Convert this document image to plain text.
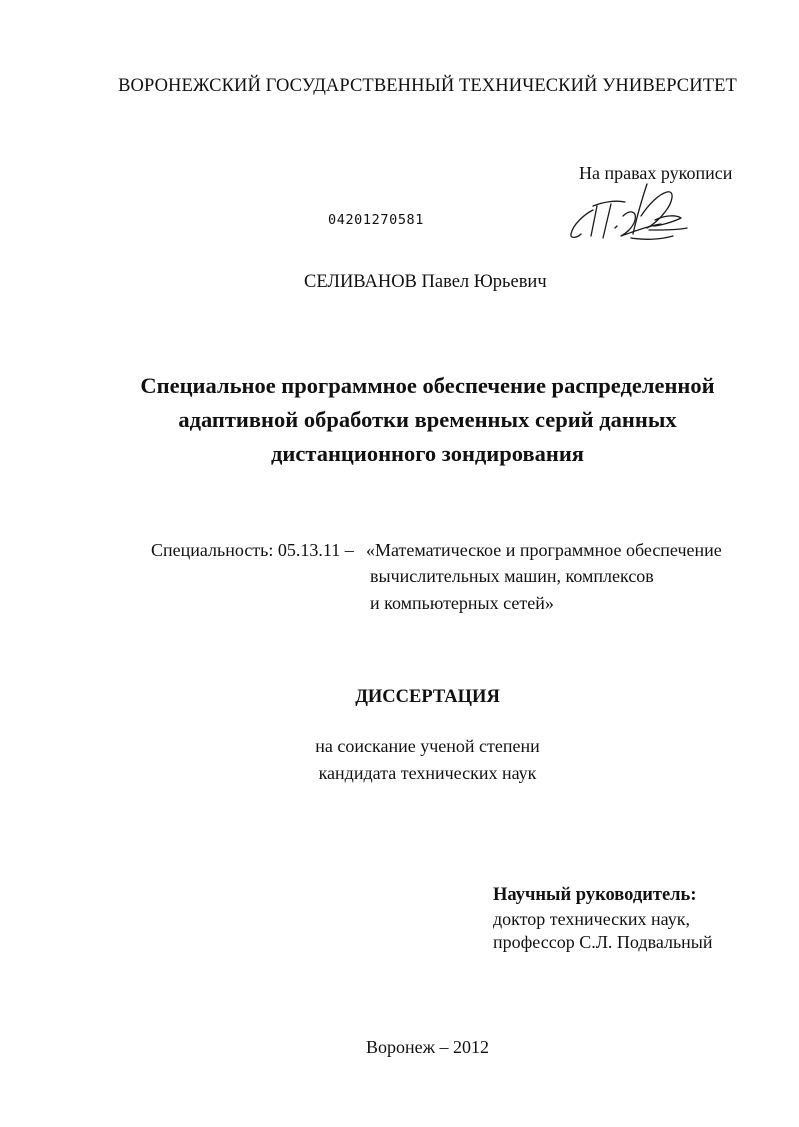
ВОРОНЕЖСКИЙ ГОСУДАРСТВЕННЫЙ ТЕХНИЧЕСКИЙ УНИВЕРСИТЕТ
На правах рукописи
04201270581
СЕЛИВАНОВ Павел Юрьевич
Специальное программное обеспечение распределенной
адаптивной обработки временных серий данных
дистанционного зондирования
Специальность: 05.13.11 – «Математическое и программное обеспечение
вычислительных машин, комплексов
и компьютерных сетей»
ДИССЕРТАЦИЯ
на соискание ученой степени
кандидата технических наук
Научный руководитель:
доктор технических наук,
профессор С.Л. Подвальный
Воронеж – 2012
